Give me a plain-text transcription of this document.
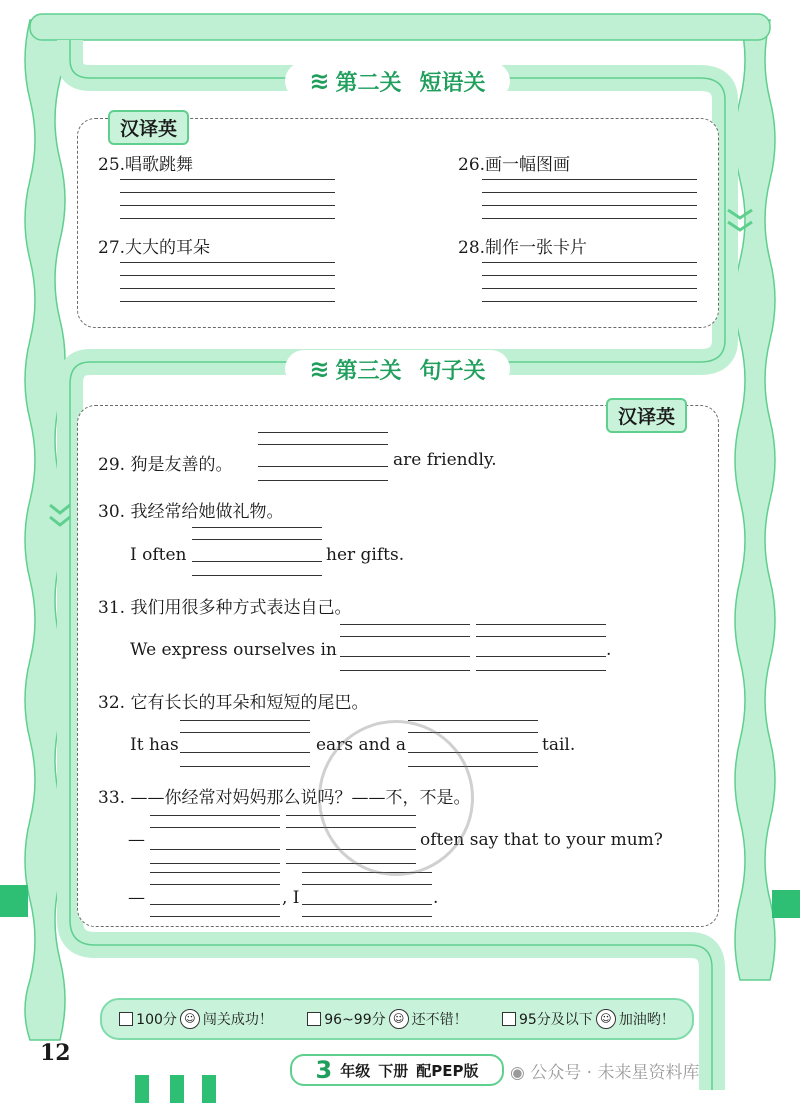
≋ 第二关 短语关
汉译英
25.唱歌跳舞	26.画一幅图画
27.大大的耳朵	28.制作一张卡片
≋ 第三关 句子关
汉译英
29. 狗是友善的。	are friendly.
30. 我经常给她做礼物。
I often	her gifts.
31. 我们用很多种方式表达自己。
We express ourselves in	.
32. 它有长长的耳朵和短短的尾巴。
It has	ears and a	tail.
33. ——你经常对妈妈那么说吗？——不，不是。
—	often say that to your mum?
—	, I	.
100分 ☺ 闯关成功！	96~99分 ☺ 还不错！	95分及以下 ☺ 加油哟！
12
3 年级 下册 配PEP版 ◉ 公众号 · 未来星资料库
